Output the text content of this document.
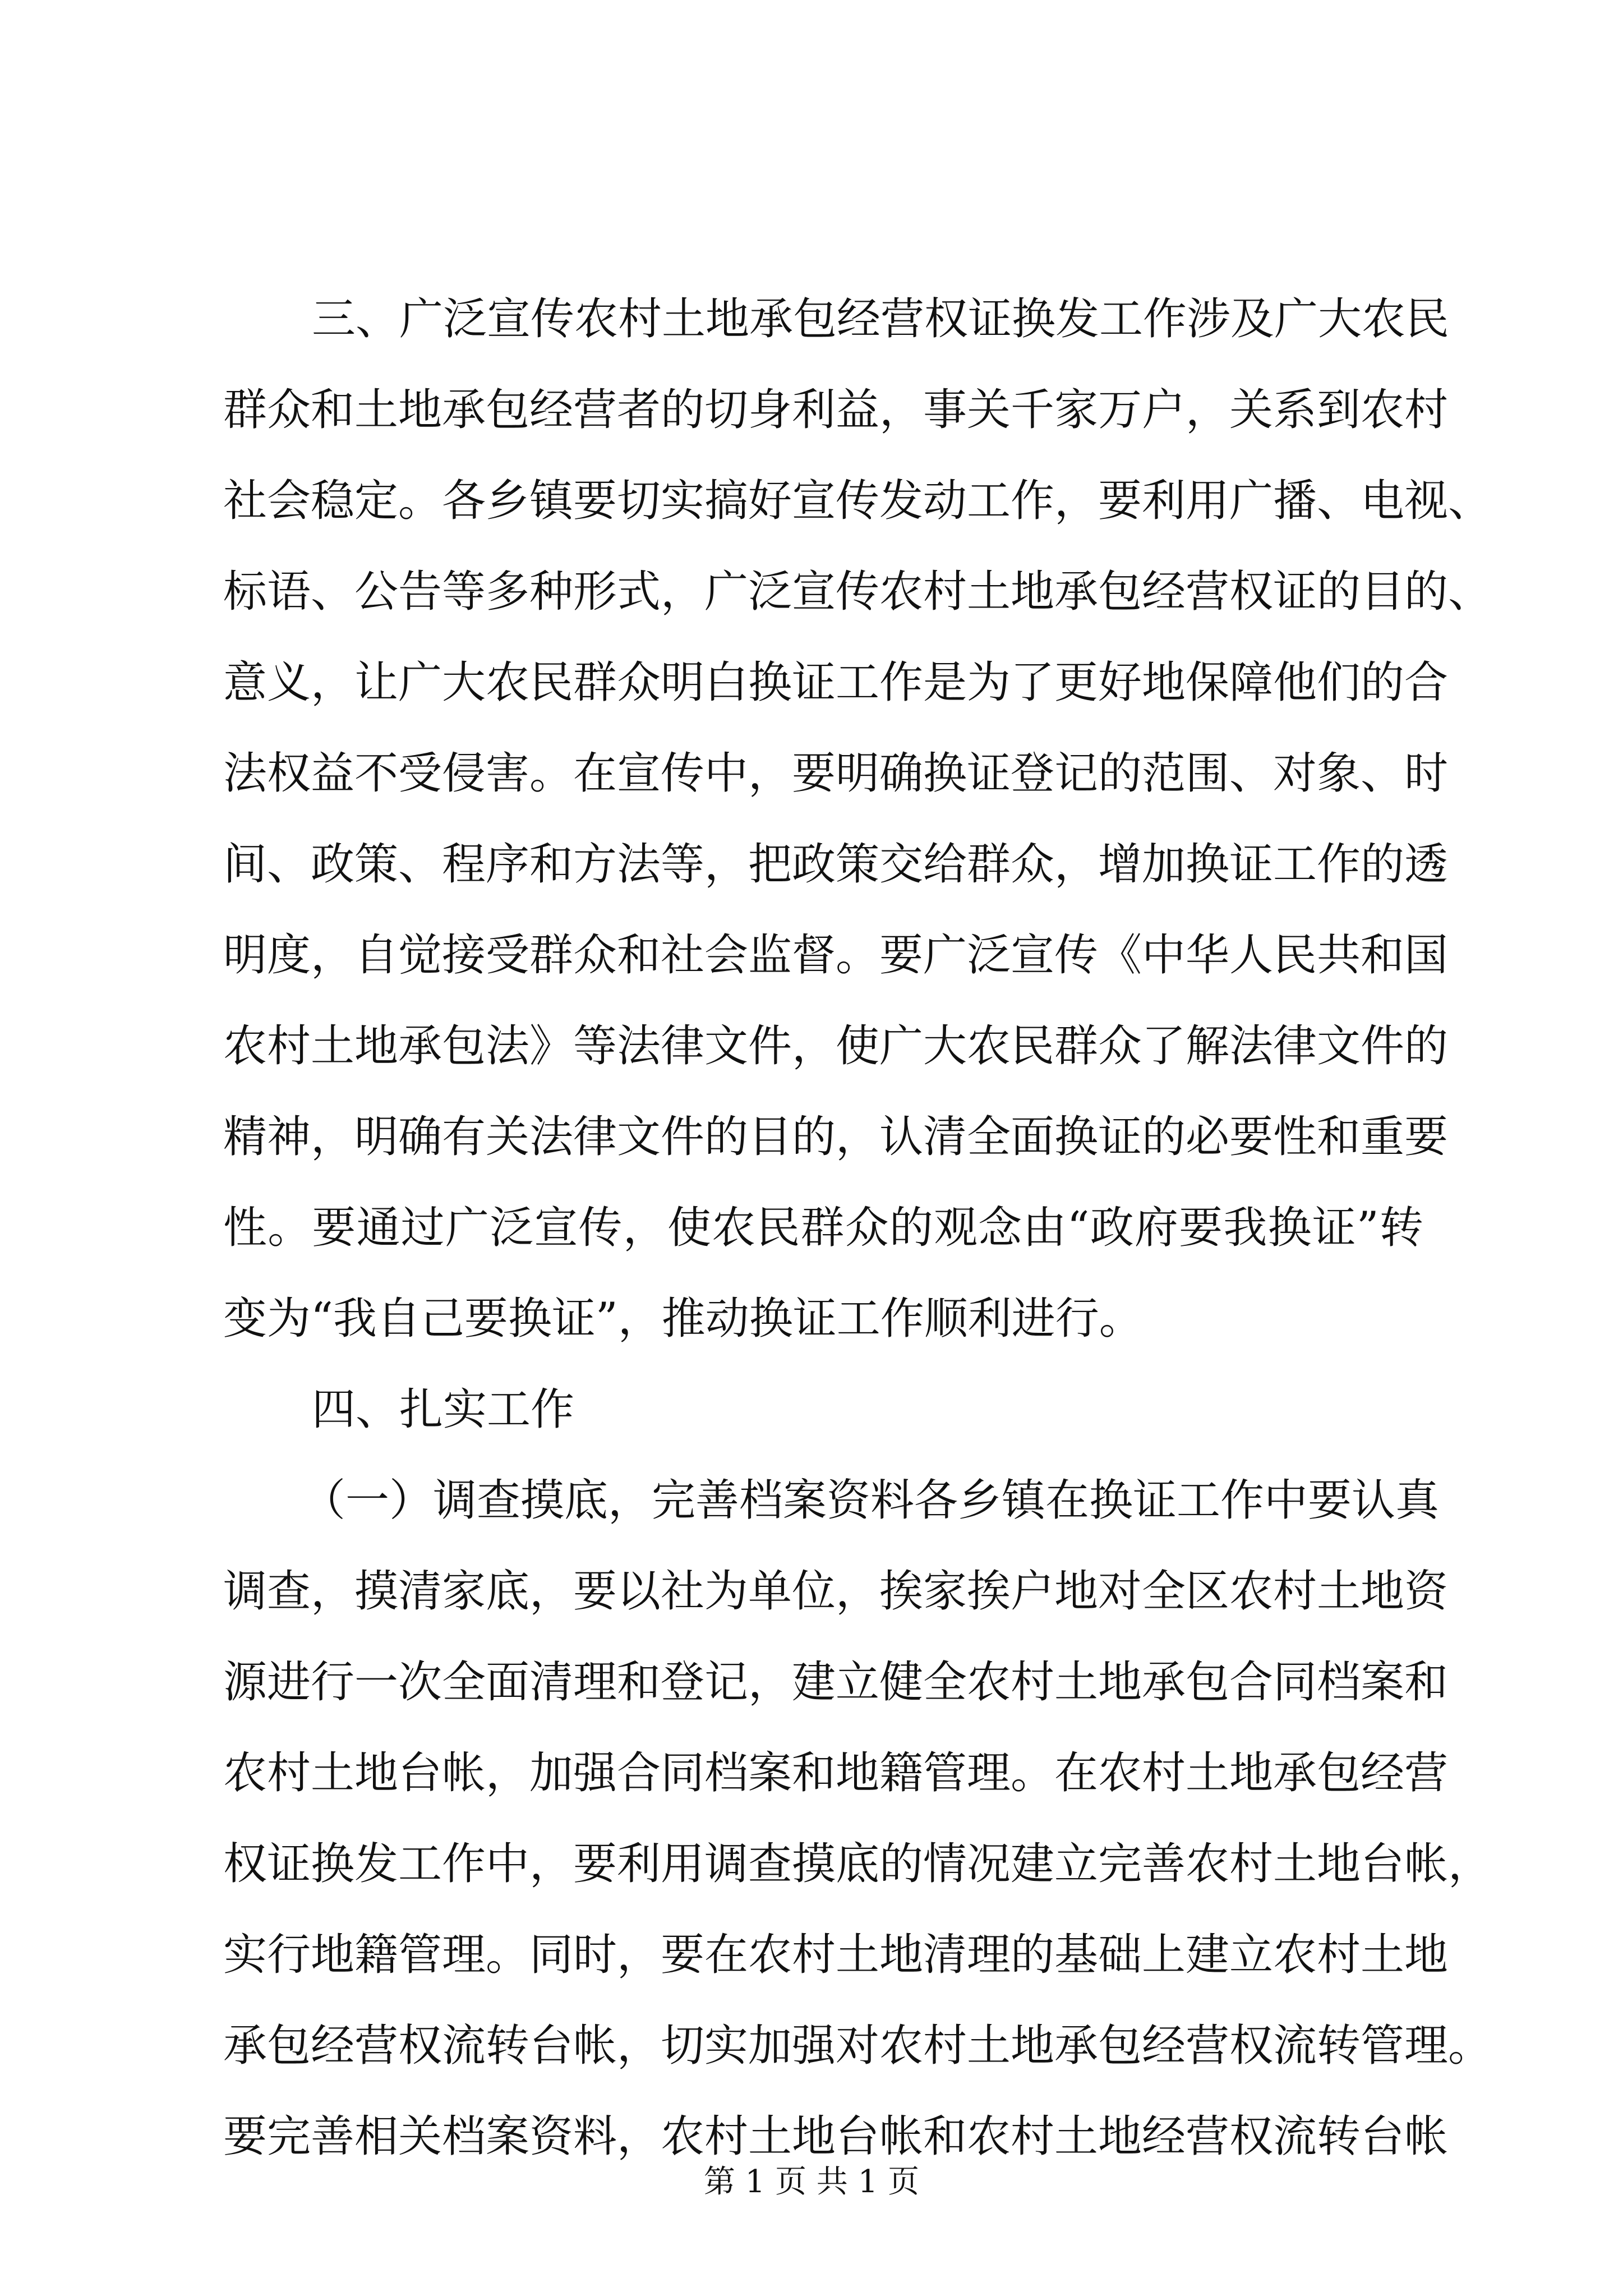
三、广泛宣传农村土地承包经营权证换发工作涉及广大农民
群众和土地承包经营者的切身利益，事关千家万户，关系到农村
社会稳定。各乡镇要切实搞好宣传发动工作，要利用广播、电视、
标语、公告等多种形式，广泛宣传农村土地承包经营权证的目的、
意义，让广大农民群众明白换证工作是为了更好地保障他们的合
法权益不受侵害。在宣传中，要明确换证登记的范围、对象、时
间、政策、程序和方法等，把政策交给群众，增加换证工作的透
明度，自觉接受群众和社会监督。要广泛宣传《中华人民共和国
农村土地承包法》等法律文件，使广大农民群众了解法律文件的
精神，明确有关法律文件的目的，认清全面换证的必要性和重要
性。要通过广泛宣传，使农民群众的观念由“政府要我换证”转
变为“我自己要换证”，推动换证工作顺利进行。
四、扎实工作
（一）调查摸底，完善档案资料各乡镇在换证工作中要认真
调查，摸清家底，要以社为单位，挨家挨户地对全区农村土地资
源进行一次全面清理和登记，建立健全农村土地承包合同档案和
农村土地台帐，加强合同档案和地籍管理。在农村土地承包经营
权证换发工作中，要利用调查摸底的情况建立完善农村土地台帐，
实行地籍管理。同时，要在农村土地清理的基础上建立农村土地
承包经营权流转台帐，切实加强对农村土地承包经营权流转管理。
要完善相关档案资料，农村土地台帐和农村土地经营权流转台帐
第 1 页 共 1 页
